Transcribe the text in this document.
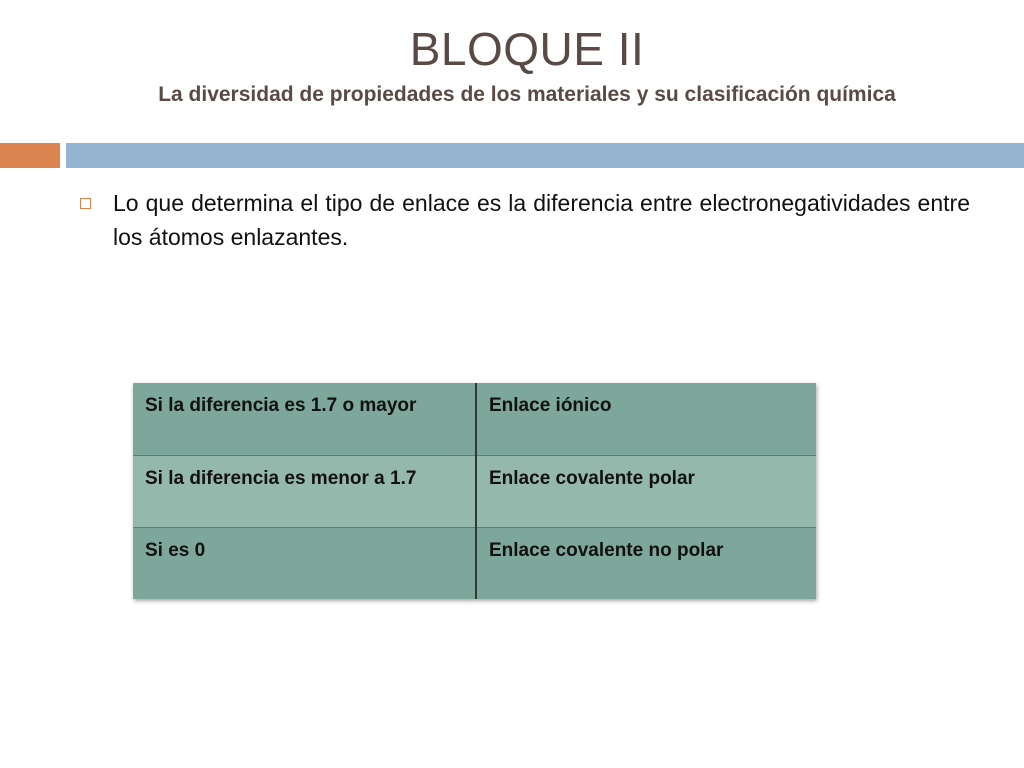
BLOQUE II
La diversidad de propiedades de los materiales y su clasificación química
Lo que determina el tipo de enlace es la diferencia entre electronegatividades entre los átomos enlazantes.
Si la diferencia es 1.7 o mayor	Enlace iónico
Si la diferencia es menor a 1.7	Enlace covalente polar
Si es 0	Enlace covalente no polar
